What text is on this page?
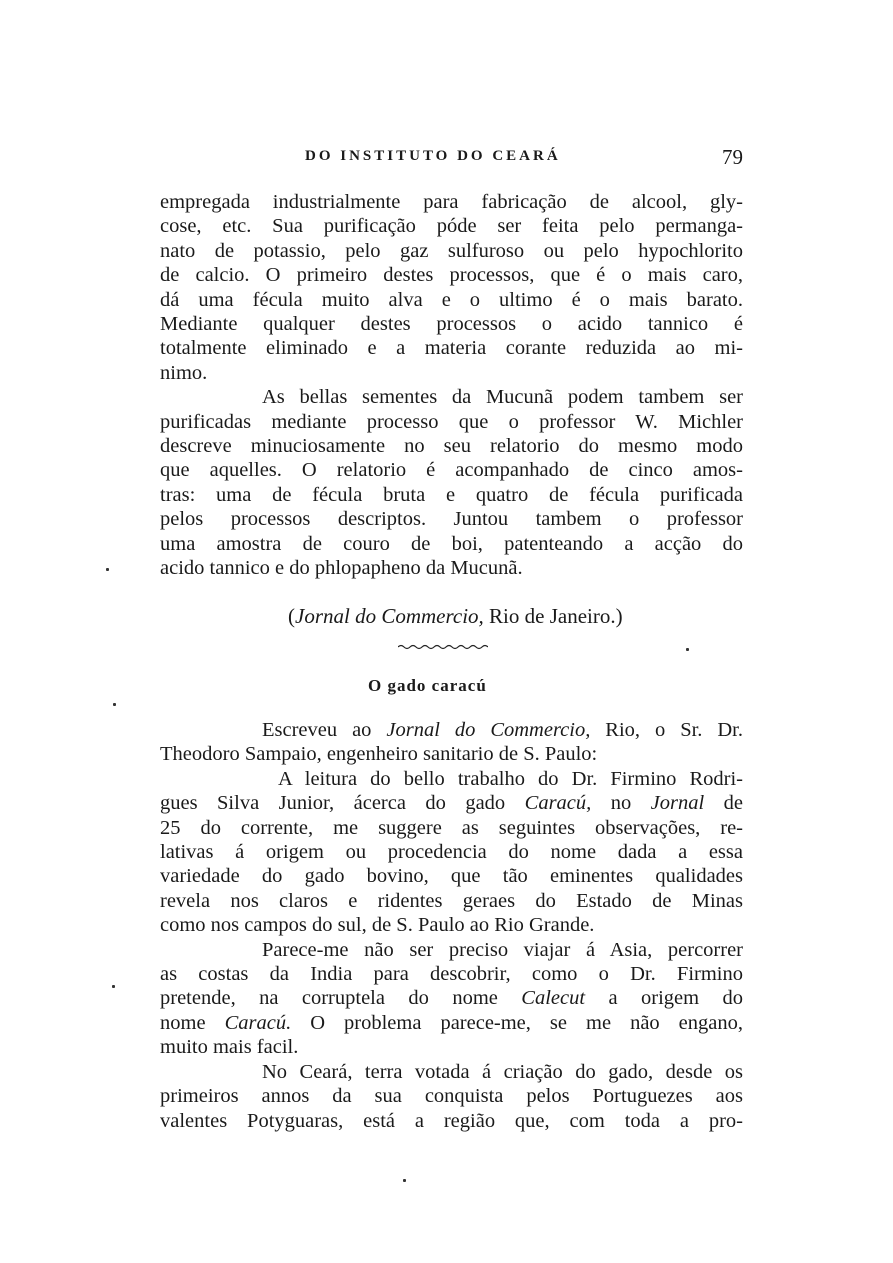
DO INSTITUTO DO CEARÁ	79
empregada industrialmente para fabricação de alcool, gly-
cose, etc. Sua purificação póde ser feita pelo permanga-
nato de potassio, pelo gaz sulfuroso ou pelo hypochlorito
de calcio. O primeiro destes processos, que é o mais caro,
dá uma fécula muito alva e o ultimo é o mais barato.
Mediante qualquer destes processos o acido tannico é
totalmente eliminado e a materia corante reduzida ao mi-
nimo.
As bellas sementes da Mucunã podem tambem ser
purificadas mediante processo que o professor W. Michler
descreve minuciosamente no seu relatorio do mesmo modo
que aquelles. O relatorio é acompanhado de cinco amos-
tras: uma de fécula bruta e quatro de fécula purificada
pelos processos descriptos. Juntou tambem o professor
uma amostra de couro de boi, patenteando a acção do
acido tannico e do phlopapheno da Mucunã.
(Jornal do Commercio, Rio de Janeiro.)
O gado caracú
Escreveu ao Jornal do Commercio, Rio, o Sr. Dr.
Theodoro Sampaio, engenheiro sanitario de S. Paulo:
A leitura do bello trabalho do Dr. Firmino Rodri-
gues Silva Junior, ácerca do gado Caracú, no Jornal de
25 do corrente, me suggere as seguintes observações, re-
lativas á origem ou procedencia do nome dada a essa
variedade do gado bovino, que tão eminentes qualidades
revela nos claros e ridentes geraes do Estado de Minas
como nos campos do sul, de S. Paulo ao Rio Grande.
Parece-me não ser preciso viajar á Asia, percorrer
as costas da India para descobrir, como o Dr. Firmino
pretende, na corruptela do nome Calecut a origem do
nome Caracú. O problema parece-me, se me não engano,
muito mais facil.
No Ceará, terra votada á criação do gado, desde os
primeiros annos da sua conquista pelos Portuguezes aos
valentes Potyguaras, está a região que, com toda a pro-
